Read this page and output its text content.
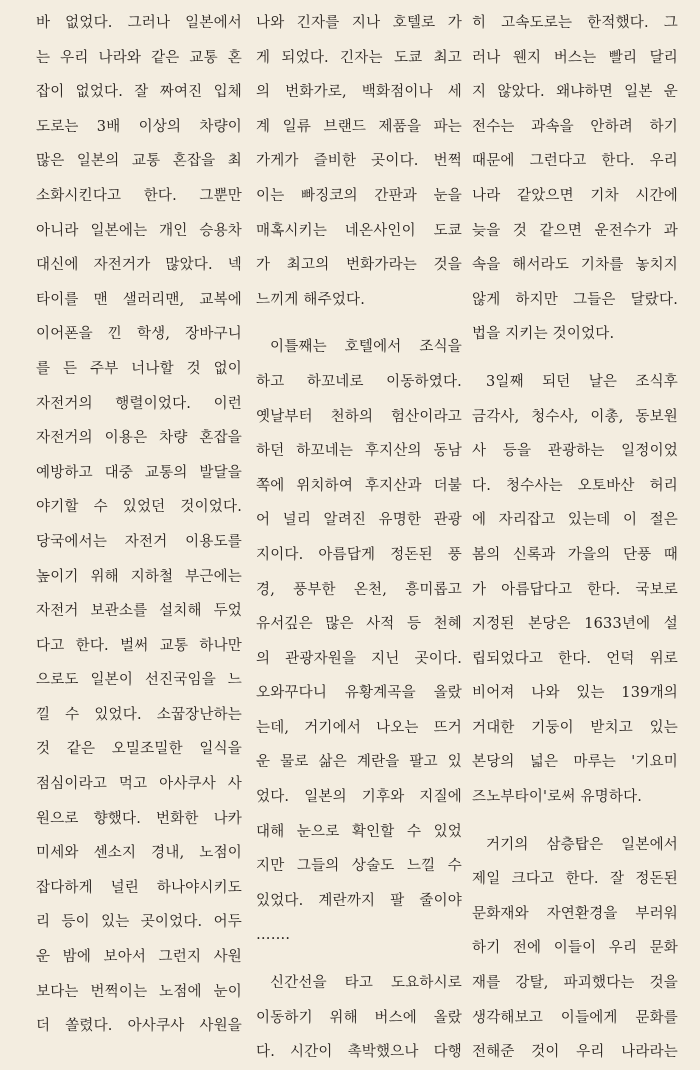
바 없었다. 그러나 일본에서
는 우리 나라와 같은 교통 혼
잡이 없었다. 잘 짜여진 입체
도로는 3배 이상의 차량이
많은 일본의 교통 혼잡을 최
소화시킨다고 한다. 그뿐만
아니라 일본에는 개인 승용차
대신에 자전거가 많았다. 넥
타이를 맨 샐러리맨, 교복에
이어폰을 낀 학생, 장바구니
를 든 주부 너나할 것 없이
자전거의 행렬이었다. 이런
자전거의 이용은 차량 혼잡을
예방하고 대중 교통의 발달을
야기할 수 있었던 것이었다.
당국에서는 자전거 이용도를
높이기 위해 지하철 부근에는
자전거 보관소를 설치해 두었
다고 한다. 벌써 교통 하나만
으로도 일본이 선진국임을 느
낄 수 있었다. 소꿉장난하는
것 같은 오밀조밀한 일식을
점심이라고 먹고 아사쿠사 사
원으로 향했다. 번화한 나카
미세와 센소지 경내, 노점이
잡다하게 널린 하나야시키도
리 등이 있는 곳이었다. 어두
운 밤에 보아서 그런지 사원
보다는 번쩍이는 노점에 눈이
더 쏠렸다. 아사쿠사 사원을
나와 긴자를 지나 호텔로 가
게 되었다. 긴자는 도쿄 최고
의 번화가로, 백화점이나 세
계 일류 브랜드 제품을 파는
가게가 즐비한 곳이다. 번쩍
이는 빠징코의 간판과 눈을
매혹시키는 네온사인이 도쿄
가 최고의 번화가라는 것을
느끼게 해주었다.
이틀째는 호텔에서 조식을
하고 하꼬네로 이동하였다.
옛날부터 천하의 험산이라고
하던 하꼬네는 후지산의 동남
쪽에 위치하여 후지산과 더불
어 널리 알려진 유명한 관광
지이다. 아름답게 정돈된 풍
경, 풍부한 온천, 흥미롭고
유서깊은 많은 사적 등 천혜
의 관광자원을 지닌 곳이다.
오와꾸다니 유황계곡을 올랐
는데, 거기에서 나오는 뜨거
운 물로 삶은 계란을 팔고 있
었다. 일본의 기후와 지질에
대해 눈으로 확인할 수 있었
지만 그들의 상술도 느낄 수
있었다. 계란까지 팔 줄이야
…….
신간선을 타고 도요하시로
이동하기 위해 버스에 올랐
다. 시간이 촉박했으나 다행
히 고속도로는 한적했다. 그
러나 웬지 버스는 빨리 달리
지 않았다. 왜냐하면 일본 운
전수는 과속을 안하려 하기
때문에 그런다고 한다. 우리
나라 같았으면 기차 시간에
늦을 것 같으면 운전수가 과
속을 해서라도 기차를 놓치지
않게 하지만 그들은 달랐다.
법을 지키는 것이었다.
3일째 되던 날은 조식후
금각사, 청수사, 이총, 동보원
사 등을 관광하는 일정이었
다. 청수사는 오토바산 허리
에 자리잡고 있는데 이 절은
봄의 신록과 가을의 단풍 때
가 아름답다고 한다. 국보로
지정된 본당은 1633년에 설
립되었다고 한다. 언덕 위로
비어져 나와 있는 139개의
거대한 기둥이 받치고 있는
본당의 넓은 마루는 '기요미
즈노부타이'로써 유명하다.
거기의 삼층탑은 일본에서
제일 크다고 한다. 잘 정돈된
문화재와 자연환경을 부러워
하기 전에 이들이 우리 문화
재를 강탈, 파괴했다는 것을
생각해보고 이들에게 문화를
전해준 것이 우리 나라라는
